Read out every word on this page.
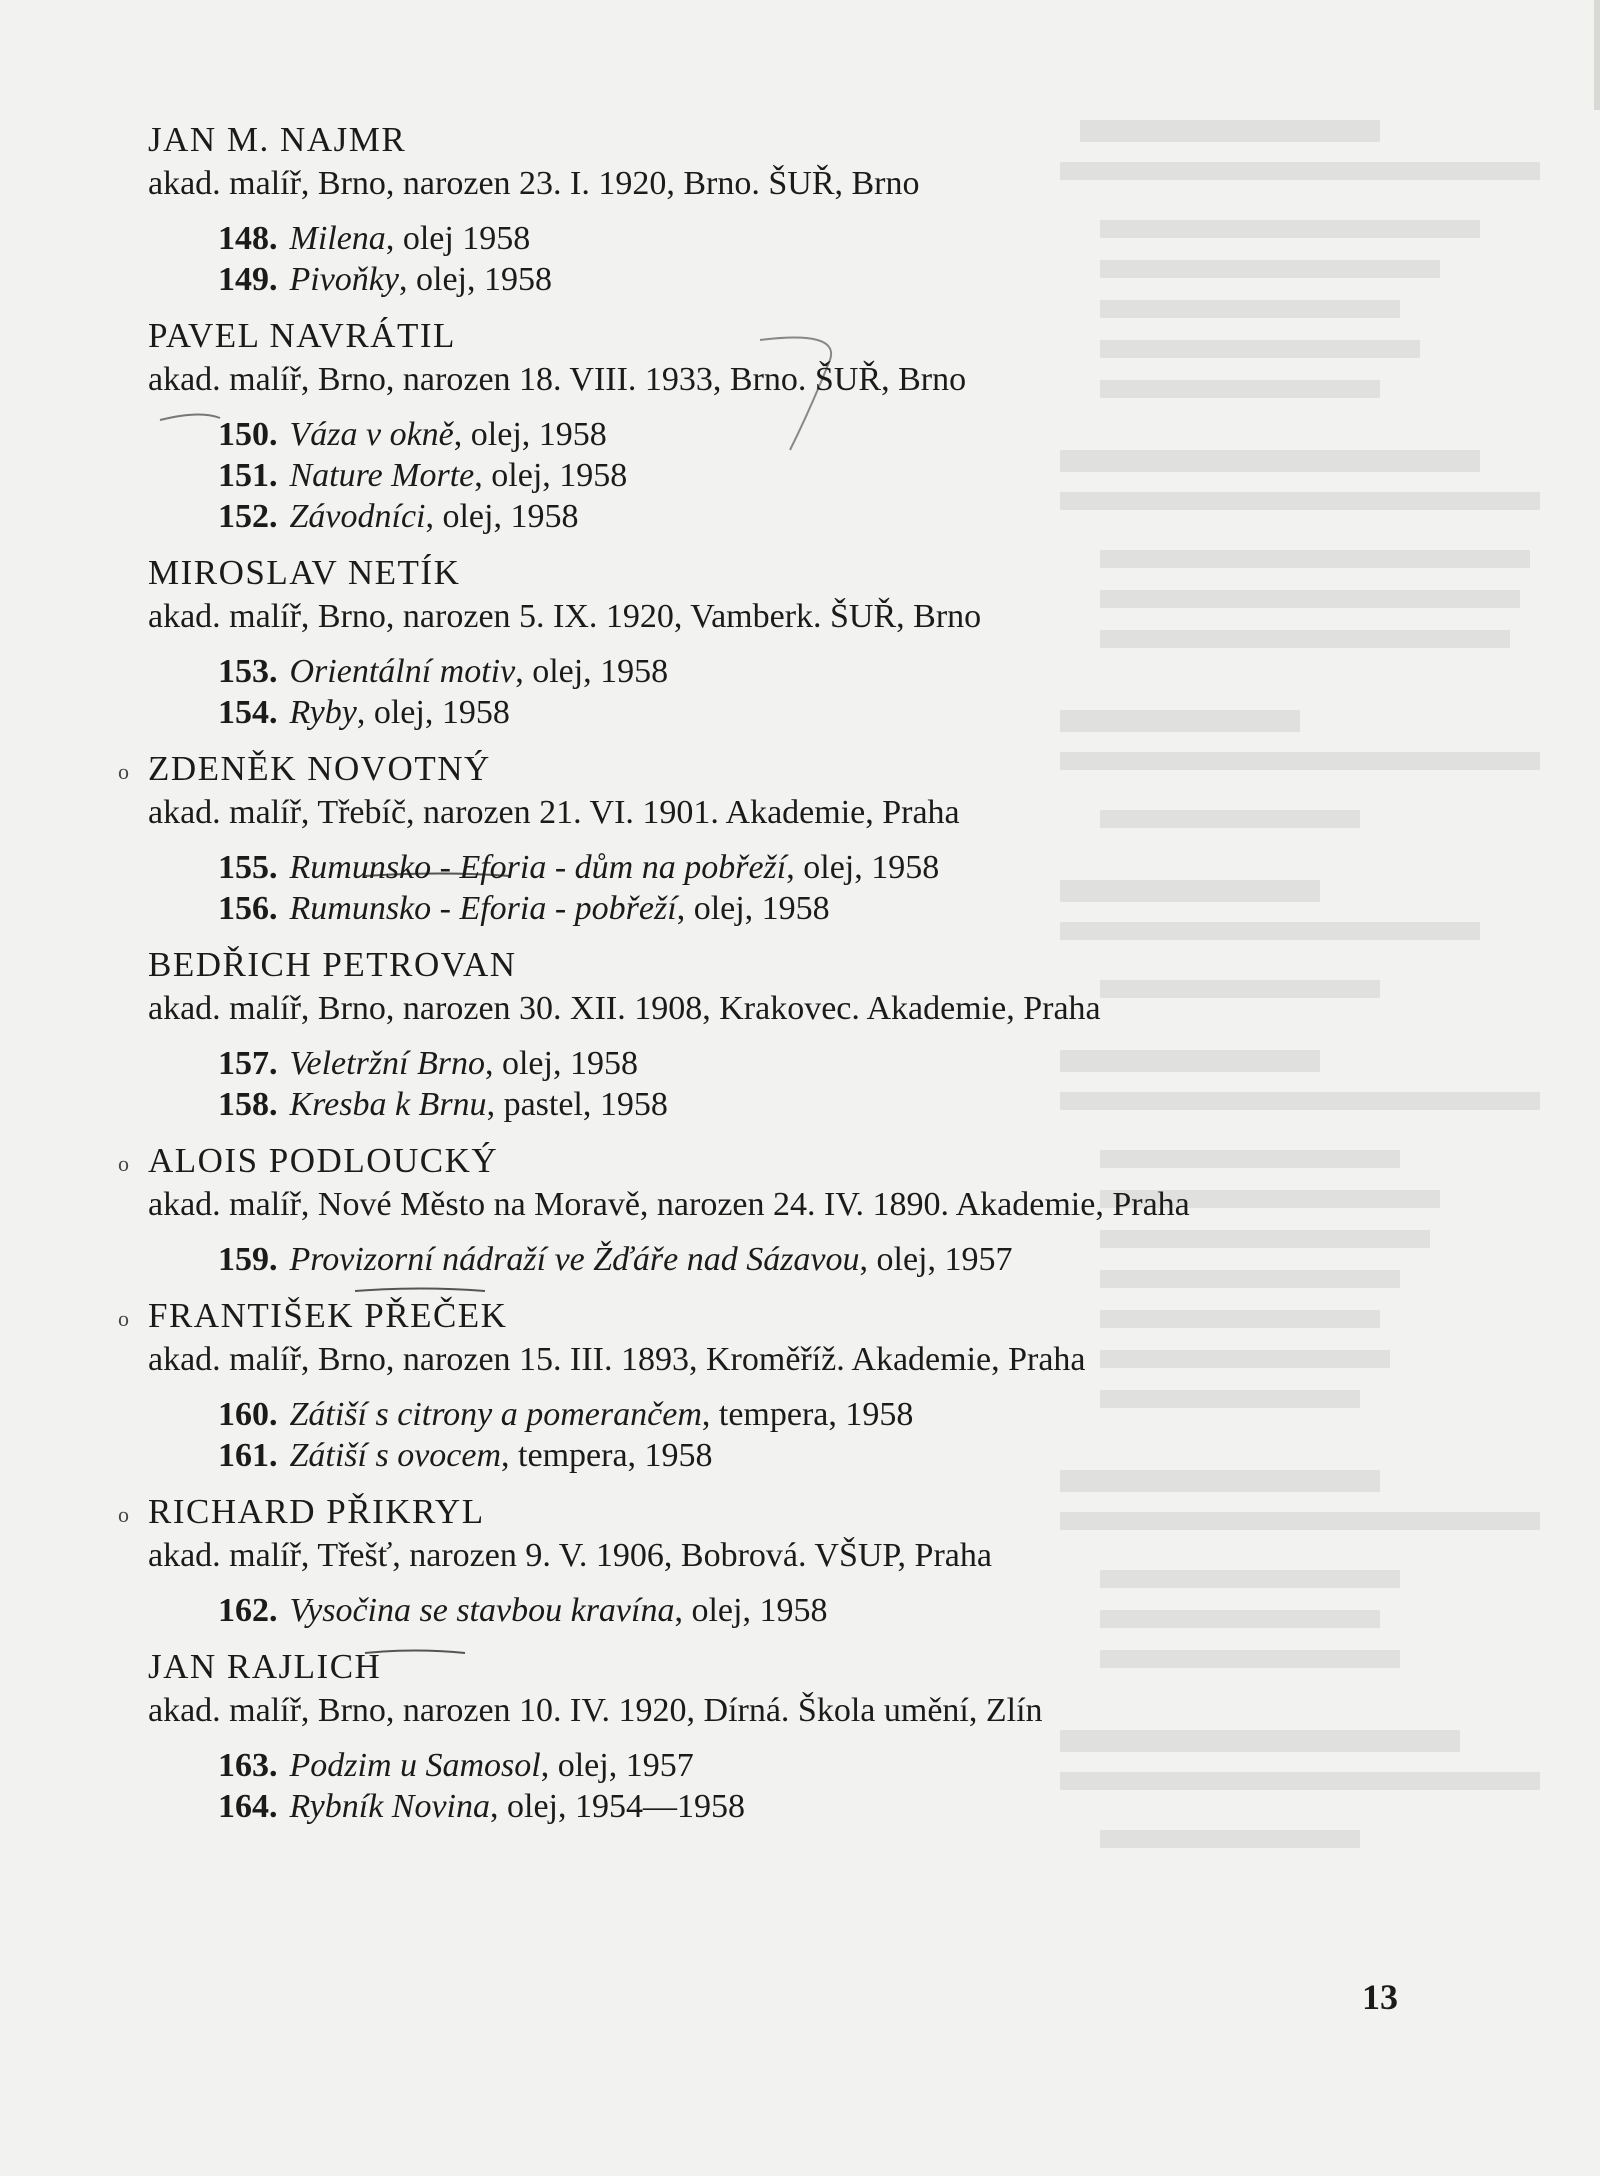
JAN M. NAJMR
akad. malíř, Brno, narozen 23. I. 1920, Brno. ŠUŘ, Brno
148. Milena, olej 1958
149. Pivoňky, olej, 1958
PAVEL NAVRÁTIL
akad. malíř, Brno, narozen 18. VIII. 1933, Brno. ŠUŘ, Brno
150. Váza v okně, olej, 1958
151. Nature Morte, olej, 1958
152. Závodníci, olej, 1958
MIROSLAV NETÍK
akad. malíř, Brno, narozen 5. IX. 1920, Vamberk. ŠUŘ, Brno
153. Orientální motiv, olej, 1958
154. Ryby, olej, 1958
o ZDENĚK NOVOTNÝ
akad. malíř, Třebíč, narozen 21. VI. 1901. Akademie, Praha
155. Rumunsko - Eforia - dům na pobřeží, olej, 1958
156. Rumunsko - Eforia - pobřeží, olej, 1958
BEDŘICH PETROVAN
akad. malíř, Brno, narozen 30. XII. 1908, Krakovec. Akademie, Praha
157. Veletržní Brno, olej, 1958
158. Kresba k Brnu, pastel, 1958
o ALOIS PODLOUCKÝ
akad. malíř, Nové Město na Moravě, narozen 24. IV. 1890. Akademie, Praha
159. Provizorní nádraží ve Žďáře nad Sázavou, olej, 1957
o FRANTIŠEK PŘEČEK
akad. malíř, Brno, narozen 15. III. 1893, Kroměříž. Akademie, Praha
160. Zátiší s citrony a pomerančem, tempera, 1958
161. Zátiší s ovocem, tempera, 1958
o RICHARD PŘIKRYL
akad. malíř, Třešť, narozen 9. V. 1906, Bobrová. VŠUP, Praha
162. Vysočina se stavbou kravína, olej, 1958
JAN RAJLICH
akad. malíř, Brno, narozen 10. IV. 1920, Dírná. Škola umění, Zlín
163. Podzim u Samosol, olej, 1957
164. Rybník Novina, olej, 1954—1958
13
